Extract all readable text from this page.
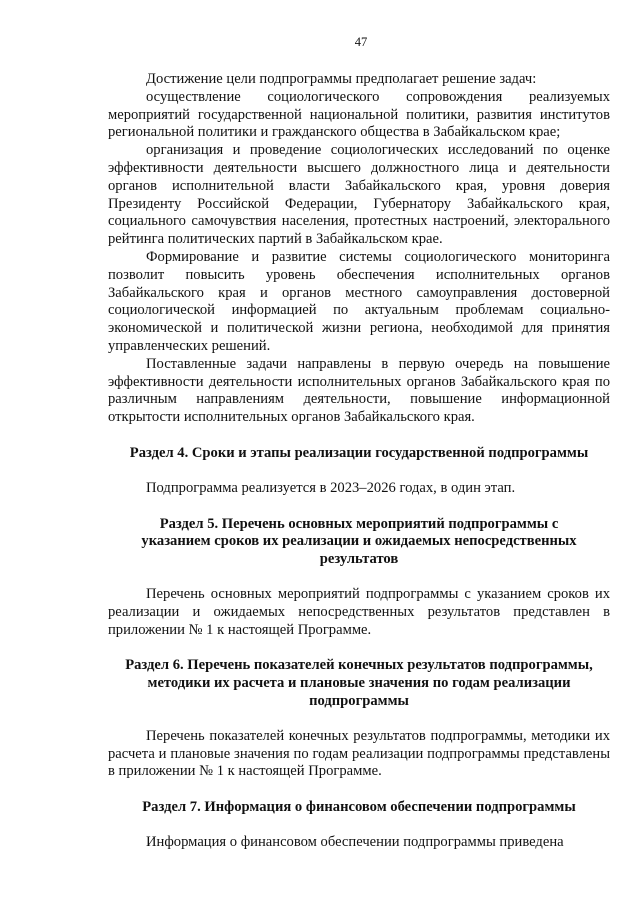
47

Достижение цели подпрограммы предполагает решение задач:

осуществление социологического сопровождения реализуемых мероприятий государственной национальной политики, развития институтов региональной политики и гражданского общества в Забайкальском крае;

организация и проведение социологических исследований по оценке эффективности деятельности высшего должностного лица и деятельности органов исполнительной власти Забайкальского края, уровня доверия Президенту Российской Федерации, Губернатору Забайкальского края, социального самочувствия населения, протестных настроений, электорального рейтинга политических партий в Забайкальском крае.

Формирование и развитие системы социологического мониторинга позволит повысить уровень обеспечения исполнительных органов Забайкальского края и органов местного самоуправления достоверной социологической информацией по актуальным проблемам социально-экономической и политической жизни региона, необходимой для принятия управленческих решений.

Поставленные задачи направлены в первую очередь на повышение эффективности деятельности исполнительных органов Забайкальского края по различным направлениям деятельности, повышение информационной открытости исполнительных органов Забайкальского края.

Раздел 4. Сроки и этапы реализации государственной подпрограммы

Подпрограмма реализуется в 2023–2026 годах, в один этап.

Раздел 5. Перечень основных мероприятий подпрограммы с указанием сроков их реализации и ожидаемых непосредственных результатов

Перечень основных мероприятий подпрограммы с указанием сроков их реализации и ожидаемых непосредственных результатов представлен в приложении № 1 к настоящей Программе.

Раздел 6. Перечень показателей конечных результатов подпрограммы, методики их расчета и плановые значения по годам реализации подпрограммы

Перечень показателей конечных результатов подпрограммы, методики их расчета и плановые значения по годам реализации подпрограммы представлены в приложении № 1 к настоящей Программе.

Раздел 7. Информация о финансовом обеспечении подпрограммы

Информация о финансовом обеспечении подпрограммы приведена
